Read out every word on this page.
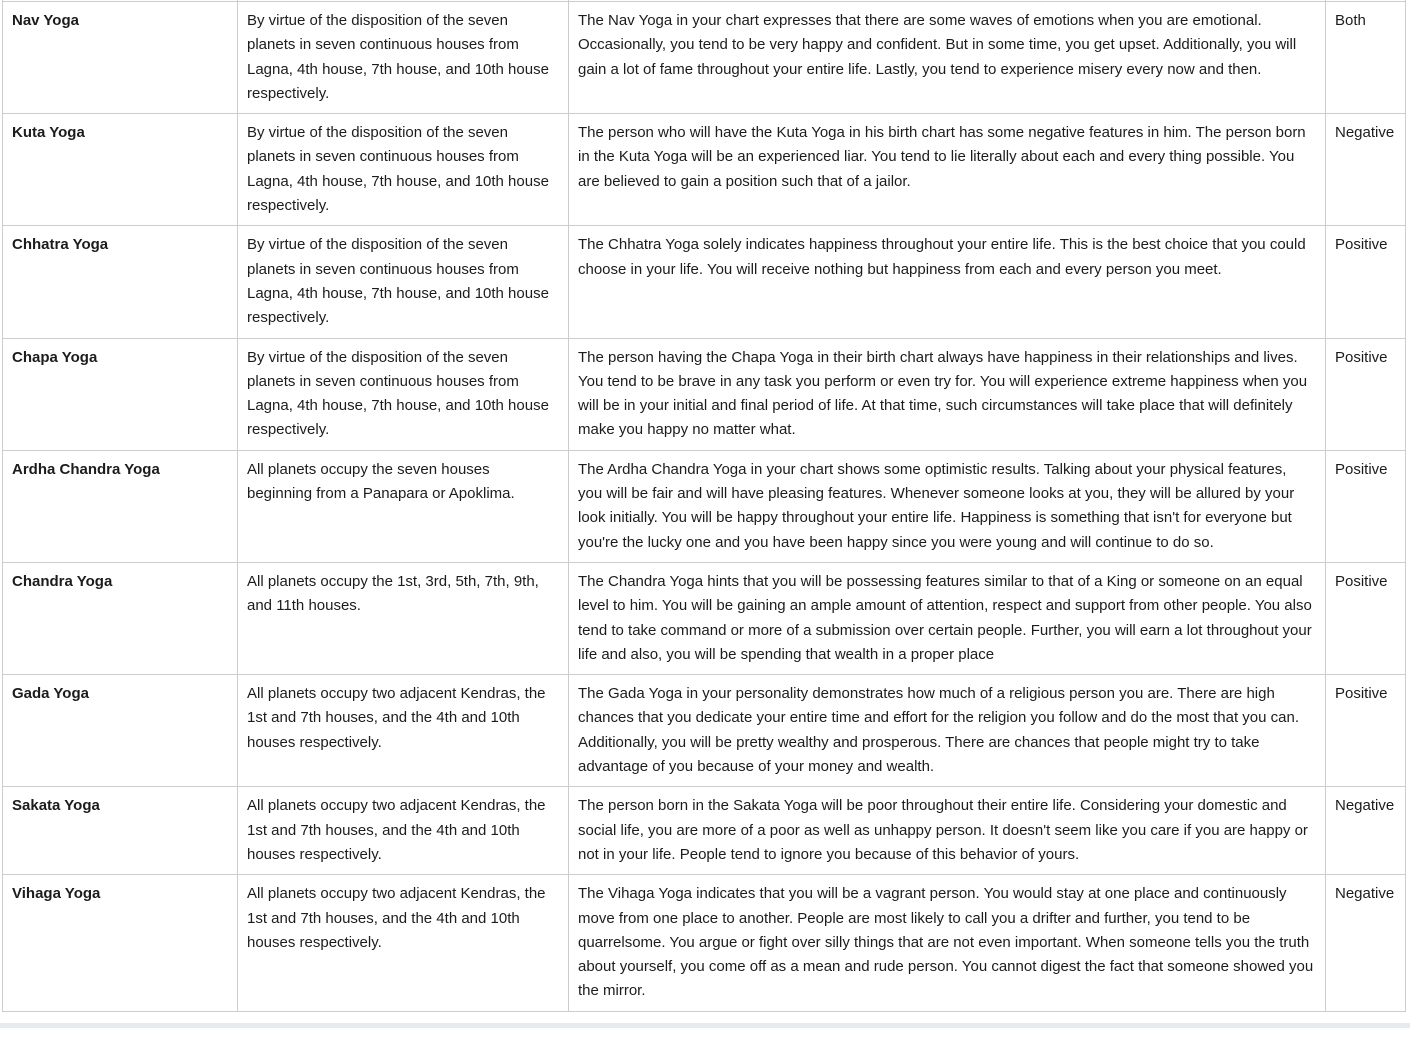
Nav Yoga	By virtue of the disposition of the seven planets in seven continuous houses from Lagna, 4th house, 7th house, and 10th house respectively.	The Nav Yoga in your chart expresses that there are some waves of emotions when you are emotional. Occasionally, you tend to be very happy and confident. But in some time, you get upset. Additionally, you will gain a lot of fame throughout your entire life. Lastly, you tend to experience misery every now and then.	Both
Kuta Yoga	By virtue of the disposition of the seven planets in seven continuous houses from Lagna, 4th house, 7th house, and 10th house respectively.	The person who will have the Kuta Yoga in his birth chart has some negative features in him. The person born in the Kuta Yoga will be an experienced liar. You tend to lie literally about each and every thing possible. You are believed to gain a position such that of a jailor.	Negative
Chhatra Yoga	By virtue of the disposition of the seven planets in seven continuous houses from Lagna, 4th house, 7th house, and 10th house respectively.	The Chhatra Yoga solely indicates happiness throughout your entire life. This is the best choice that you could choose in your life. You will receive nothing but happiness from each and every person you meet.	Positive
Chapa Yoga	By virtue of the disposition of the seven planets in seven continuous houses from Lagna, 4th house, 7th house, and 10th house respectively.	The person having the Chapa Yoga in their birth chart always have happiness in their relationships and lives. You tend to be brave in any task you perform or even try for. You will experience extreme happiness when you will be in your initial and final period of life. At that time, such circumstances will take place that will definitely make you happy no matter what.	Positive
Ardha Chandra Yoga	All planets occupy the seven houses beginning from a Panapara or Apoklima.	The Ardha Chandra Yoga in your chart shows some optimistic results. Talking about your physical features, you will be fair and will have pleasing features. Whenever someone looks at you, they will be allured by your look initially. You will be happy throughout your entire life. Happiness is something that isn't for everyone but you're the lucky one and you have been happy since you were young and will continue to do so.	Positive
Chandra Yoga	All planets occupy the 1st, 3rd, 5th, 7th, 9th, and 11th houses.	The Chandra Yoga hints that you will be possessing features similar to that of a King or someone on an equal level to him. You will be gaining an ample amount of attention, respect and support from other people. You also tend to take command or more of a submission over certain people. Further, you will earn a lot throughout your life and also, you will be spending that wealth in a proper place	Positive
Gada Yoga	All planets occupy two adjacent Kendras, the 1st and 7th houses, and the 4th and 10th houses respectively.	The Gada Yoga in your personality demonstrates how much of a religious person you are. There are high chances that you dedicate your entire time and effort for the religion you follow and do the most that you can. Additionally, you will be pretty wealthy and prosperous. There are chances that people might try to take advantage of you because of your money and wealth.	Positive
Sakata Yoga	All planets occupy two adjacent Kendras, the 1st and 7th houses, and the 4th and 10th houses respectively.	The person born in the Sakata Yoga will be poor throughout their entire life. Considering your domestic and social life, you are more of a poor as well as unhappy person. It doesn't seem like you care if you are happy or not in your life. People tend to ignore you because of this behavior of yours.	Negative
Vihaga Yoga	All planets occupy two adjacent Kendras, the 1st and 7th houses, and the 4th and 10th houses respectively.	The Vihaga Yoga indicates that you will be a vagrant person. You would stay at one place and continuously move from one place to another. People are most likely to call you a drifter and further, you tend to be quarrelsome. You argue or fight over silly things that are not even important. When someone tells you the truth about yourself, you come off as a mean and rude person. You cannot digest the fact that someone showed you the mirror.	Negative
